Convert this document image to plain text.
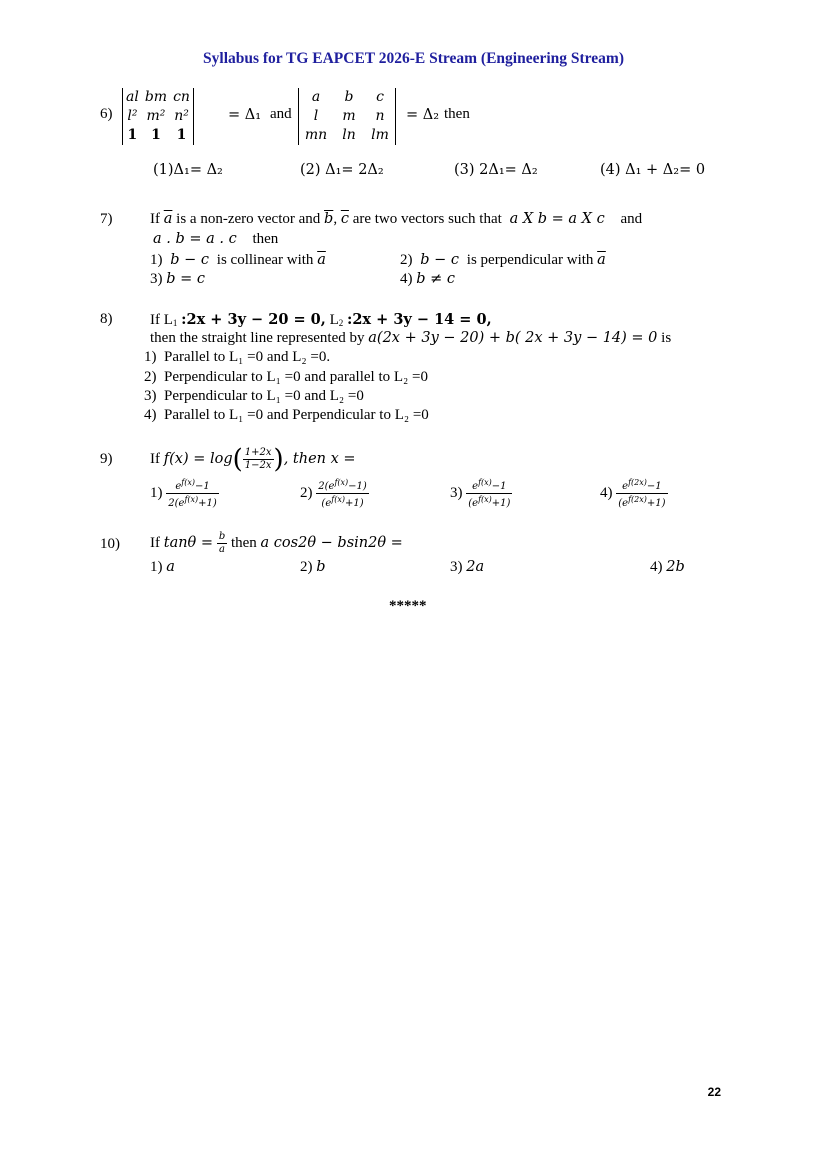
Syllabus for TG EAPCET 2026-E Stream (Engineering Stream)
6)
al	bm	cn
l²	m²	n²
1	1	1
= Δ₁ and
a	b	c
l	m	n
mn	ln	lm
= Δ₂ then
(1)Δ₁= Δ₂	(2) Δ₁= 2Δ₂	(3) 2Δ₁= Δ₂	(4) Δ₁ + Δ₂= 0
7)	If $\overline{a}$ is a non-zero vector and $\overline{b}$, $\overline{c}$ are two vectors such that a X b = a X c and
a . b = a . c then
1) b − c is collinear with $\overline{a}$	2) b − c is perpendicular with $\overline{a}$
3) b = c	4) b ≠ c
8)	If $L_1$ :2x + 3y − 20 = 0, $L_2$ :2x + 3y − 14 = 0,
then the straight line represented by a(2x + 3y − 20) + b( 2x + 3y − 14) = 0 is
1) Parallel to L₁ =0 and L₂ =0.
2) Perpendicular to L₁ =0 and parallel to L₂ =0
3) Perpendicular to L₁ =0 and L₂ =0
4) Parallel to L₁ =0 and Perpendicular to L₂ =0
9)	If $f(x) = \log( \frac{1+2x}{1-2x}$ ), then x =
$1) \frac{e^{f(x)}-1}{2(e^{f(x)}+1)}$	$2) \frac{2(e^{f(x)}-1)}{(e^{f(x)}+1)}$	$3) \frac{e^{f(x)}-1}{(e^{f(x)}+1)}$	$4) \frac{e^{f(2x)}-1}{(e^{f(2x)}+1)}$
10) If $\tan\theta = \frac{b}{a}$ then a cos2θ − bsin2θ =
1) a	2) b	3) 2a	4) 2b
*****
22
